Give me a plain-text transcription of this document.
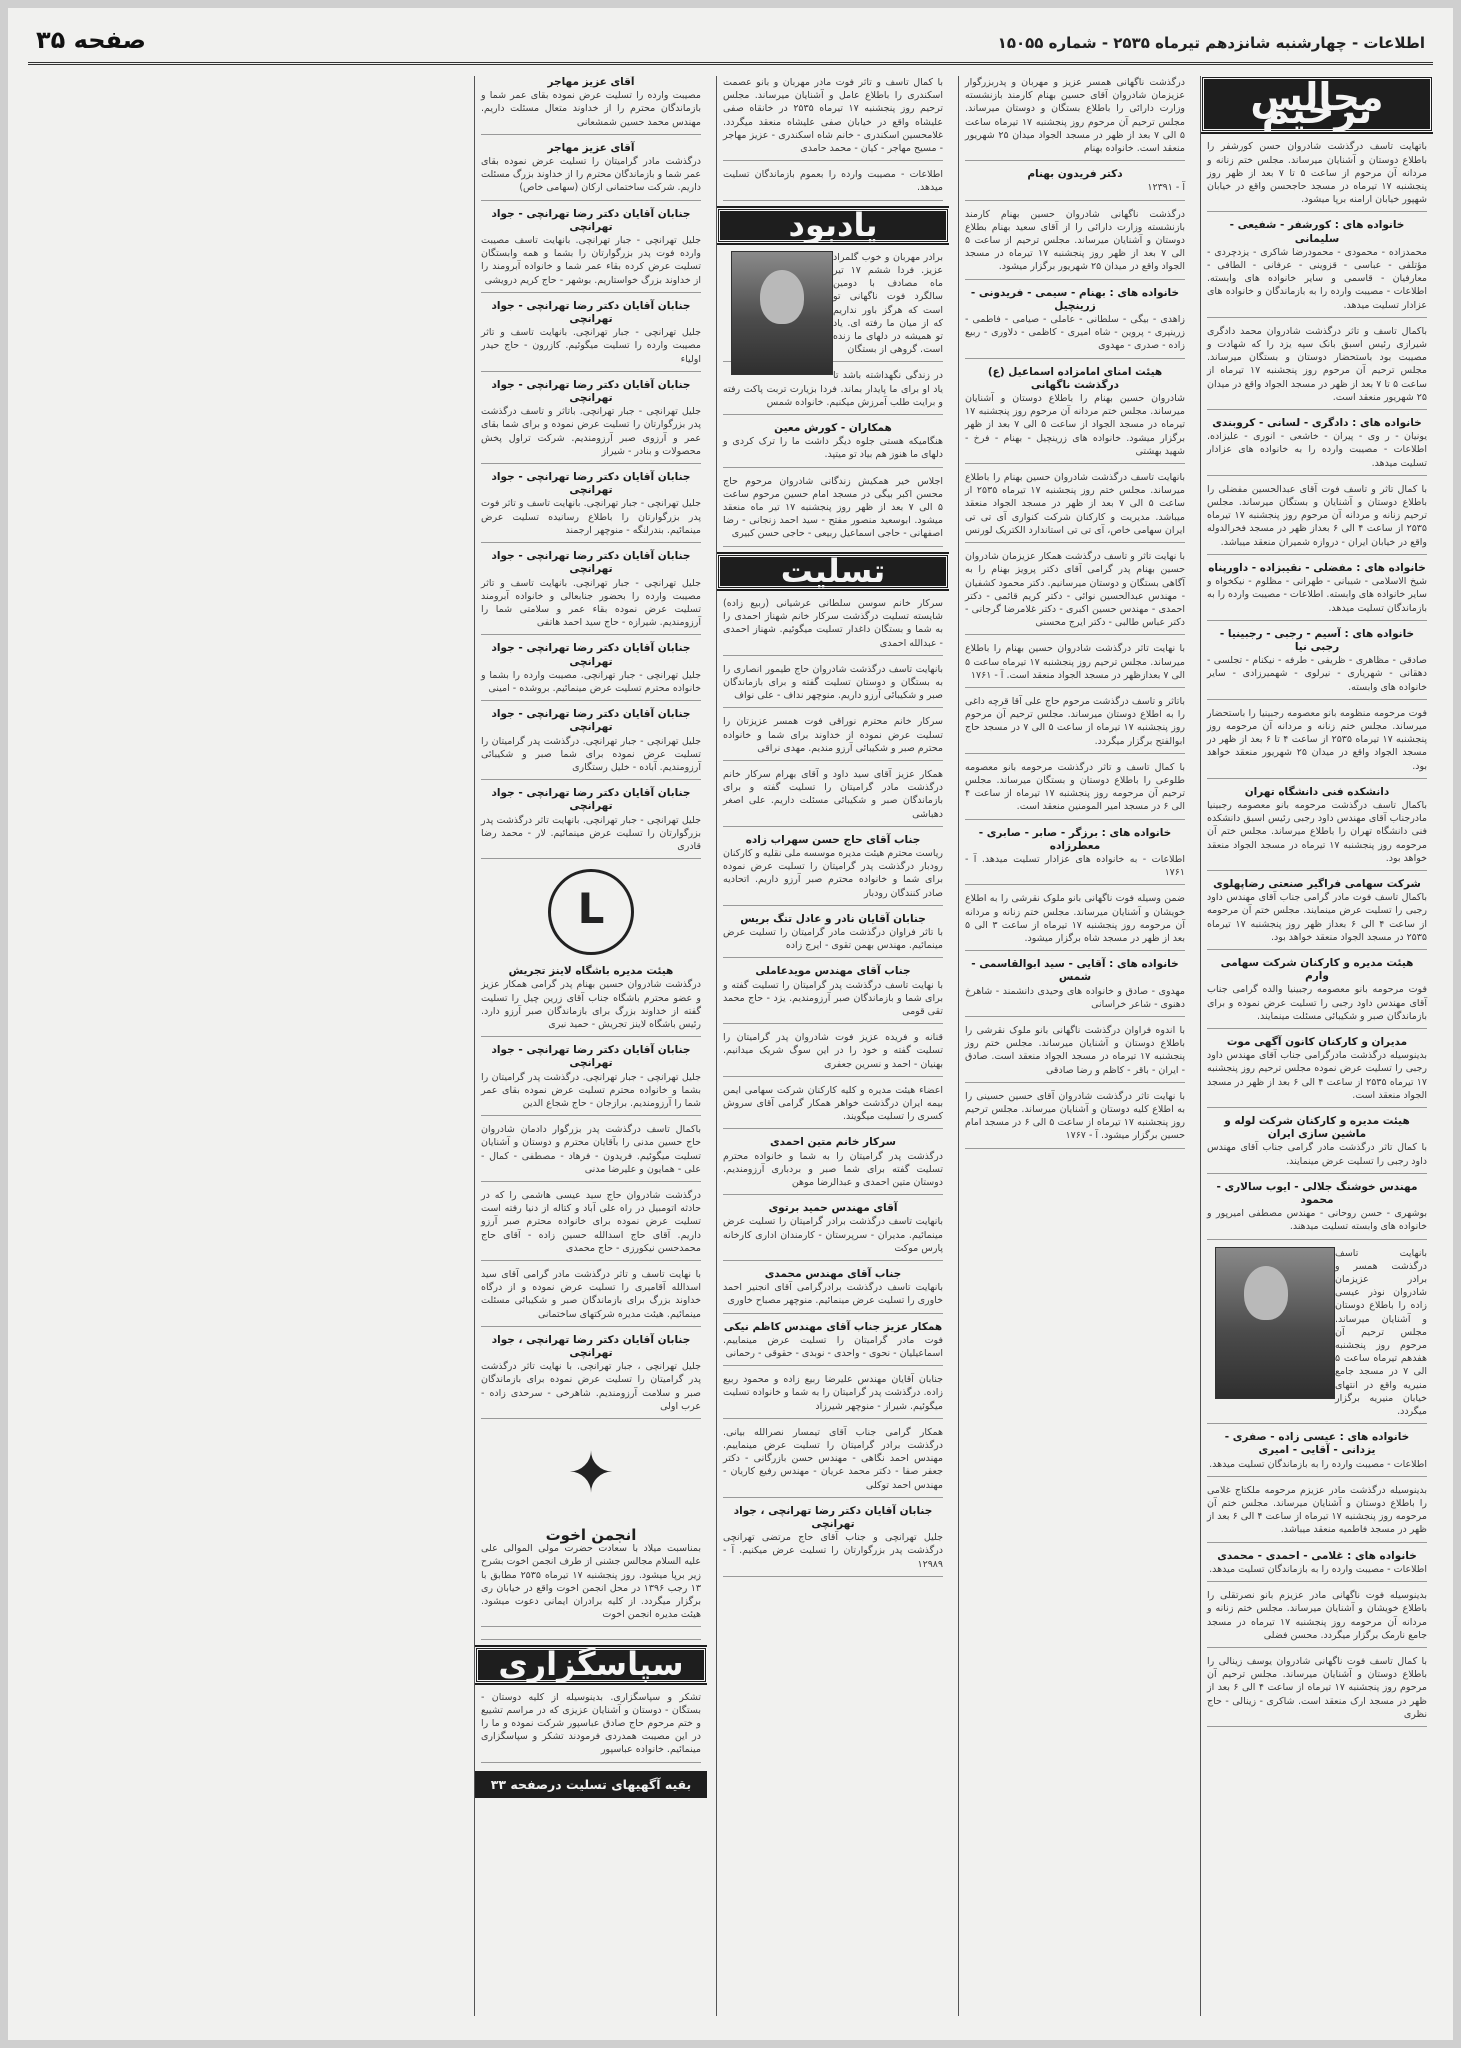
اطلاعات - چهارشنبه شانزدهم تیرماه ۲۵۳۵ - شماره ۱۵۰۵۵
صفحه ۳۵
مجالس ترحیم
باتهایت تاسف درگذشت شادروان حسن کورشفر را باطلاع دوستان و آشنایان میرساند. مجلس ختم زنانه و مردانه آن مرحوم از ساعت ۵ تا ۷ بعد از ظهر روز پنجشنبه ۱۷ تیرماه در مسجد حاجحسن واقع در خیابان شهپور خیابان ارامنه برپا میشود.
خانواده های : کورشفر - شفیعی - سلیمانی
محمدزاده - محمودی - محمودرضا شاکری - یزدچردی - مؤتلفی - عباسی - قزوینی - عرفانی - الطافی - معارفیان - قاسمی و سایر خانواده های وابسته. اطلاعات - مصیبت وارده را به بازماندگان و خانواده های عزادار تسلیت میدهد.
باکمال تاسف و تاثر درگذشت شادروان محمد دادگری شیرازی رئیس اسبق بانک سپه یزد را که شهادت و مصیبت بود باستحضار دوستان و بستگان میرساند. مجلس ترحیم آن مرحوم روز پنجشنبه ۱۷ تیرماه از ساعت ۵ تا ۷ بعد از ظهر در مسجد الجواد واقع در میدان ۲۵ شهریور منعقد است.
خانواده های : دادگری - لسانی - کروبندی
یونیان - ر وی - پیران - خاشعی - انوری - علیزاده. اطلاعات - مصیبت وارده را به خانواده های عزادار تسلیت میدهد.
با کمال تاثر و تاسف فوت آقای عبدالحسین مفضلی را باطلاع دوستان و آشنایان و بستگان میرساند. مجلس ترحیم زنانه و مردانه آن مرحوم روز پنجشنبه ۱۷ تیرماه ۲۵۳۵ از ساعت ۴ الی ۶ بعداز ظهر در مسجد فخرالدوله واقع در خیابان ایران - دروازه شمیران منعقد میباشد.
خانواده های : مفضلی - نقیبزاده - داورپناه
شیخ الاسلامی - شیبانی - طهرانی - مظلوم - نیکخواه و سایر خانواده های وابسته. اطلاعات - مصیبت وارده را به بازماندگان تسلیت میدهد.
خانواده های : آسیم - رجبی - رجبینیا - رجبی نیا
صادقی - مظاهری - ظریفی - طرفه - نیکنام - تجلسی - دهقانی - شهریاری - نیرلوی - شهمیرزادی - سایر خانواده های وابسته.
فوت مرحومه منظومه بانو معصومه رجبینیا را باستحضار میرساند. مجلس ختم زنانه و مردانه آن مرحومه روز پنجشنبه ۱۷ تیرماه ۲۵۳۵ از ساعت ۴ تا ۶ بعد از ظهر در مسجد الجواد واقع در میدان ۲۵ شهریور منعقد خواهد بود.
دانشکده فنی دانشگاه تهران
باکمال تاسف درگذشت مرحومه بانو معصومه رجبینیا مادرجناب آقای مهندس داود رجبی رئیس اسبق دانشکده فنی دانشگاه تهران را باطلاع میرساند. مجلس ختم آن مرحومه روز پنجشنبه ۱۷ تیرماه در مسجد الجواد منعقد خواهد بود.
شرکت سهامی فراگیر صنعتی رضاپهلوی
باکمال تاسف فوت مادر گرامی جناب آقای مهندس داود رجبی را تسلیت عرض مینمایند. مجلس ختم آن مرحومه از ساعت ۴ الی ۶ بعداز ظهر روز پنجشنبه ۱۷ تیرماه ۲۵۳۵ در مسجد الجواد منعقد خواهد بود.
هیئت مدیره و کارکنان شرکت سهامی وارم
فوت مرحومه بانو معصومه رجبینیا والده گرامی جناب آقای مهندس داود رجبی را تسلیت عرض نموده و برای بازماندگان صبر و شکیبائی مسئلت مینمایند.
مدیران و کارکنان کانون آگهی موت
بدینوسیله درگذشت مادرگرامی جناب آقای مهندس داود رجبی را تسلیت عرض نموده مجلس ترحیم روز پنجشنبه ۱۷ تیرماه ۲۵۳۵ از ساعت ۴ الی ۶ بعد از ظهر در مسجد الجواد منعقد است.
هیئت مدیره و کارکنان شرکت لوله و ماشین سازی ایران
با کمال تاثر درگذشت مادر گرامی جناب آقای مهندس داود رجبی را تسلیت عرض مینمایند.
مهندس خوشنگ جلالی - ایوب سالاری - محمود
بوشهری - حسن روحانی - مهندس مصطفی امیرپور و خانواده های وابسته تسلیت میدهند.
بانهایت تاسف درگذشت همسر و برادر عزیزمان شادروان نوذر عیسی زاده را باطلاع دوستان و آشنایان میرساند. مجلس ترحیم آن مرحوم روز پنجشنبه هفدهم تیرماه ساعت ۵ الی ۷ در مسجد جامع منیریه واقع در انتهای خیابان منیریه برگزار میگردد.
خانواده های : عیسی زاده - صفری - یزدانی - آقایی - امیری
اطلاعات - مصیبت وارده را به بازماندگان تسلیت میدهد.
بدینوسیله درگذشت مادر عزیزم مرحومه ملکتاج غلامی را باطلاع دوستان و آشنایان میرساند. مجلس ختم آن مرحومه روز پنجشنبه ۱۷ تیرماه از ساعت ۴ الی ۶ بعد از ظهر در مسجد فاطمیه منعقد میباشد.
خانواده های : غلامی - احمدی - محمدی
اطلاعات - مصیبت وارده را به بازماندگان تسلیت میدهد.
بدینوسیله فوت ناگهانی مادر عزیزم بانو نصرتقلی را باطلاع خویشان و آشنایان میرساند. مجلس ختم زنانه و مردانه آن مرحومه روز پنجشنبه ۱۷ تیرماه در مسجد جامع نارمک برگزار میگردد. محسن فضلی
با کمال تاسف فوت ناگهانی شادروان یوسف زینالی را باطلاع دوستان و آشنایان میرساند. مجلس ترحیم آن مرحوم روز پنجشنبه ۱۷ تیرماه از ساعت ۴ الی ۶ بعد از ظهر در مسجد ارک منعقد است. شاکری - زینالی - حاج نظری
درگذشت ناگهانی همسر عزیز و مهربان و پدربزرگوار عزیزمان شادروان آقای حسین بهنام کارمند بازنشسته وزارت دارائی را باطلاع بستگان و دوستان میرساند. مجلس ترحیم آن مرحوم روز پنجشنبه ۱۷ تیرماه ساعت ۵ الی ۷ بعد از ظهر در مسجد الجواد میدان ۲۵ شهریور منعقد است. خانواده بهنام
دکتر فریدون بهنام
آ - ۱۲۳۹۱
درگذشت ناگهانی شادروان حسین بهنام کارمند بازنشسته وزارت دارائی را از آقای سعید بهنام بطلاع دوستان و آشنایان میرساند. مجلس ترحیم از ساعت ۵ الی ۷ بعد از ظهر روز پنجشنبه ۱۷ تیرماه در مسجد الجواد واقع در میدان ۲۵ شهریور برگزار میشود.
خانواده های : بهنام - سیمی - فریدونی - زرینچیل
زاهدی - بیگی - سلطانی - عاملی - صیامی - فاطمی - زرینپری - پروین - شاه امیری - کاظمی - دلاوری - ربیع زاده - صدری - مهدوی
هیئت امنای امامزاده اسماعیل (ع) درگذشت ناگهانی
شادروان حسین بهنام را باطلاع دوستان و آشنایان میرساند. مجلس ختم مردانه آن مرحوم روز پنجشنبه ۱۷ تیرماه در مسجد الجواد از ساعت ۵ الی ۷ بعد از ظهر برگزار میشود. خانواده های زرینچیل - بهنام - فرخ - شهید بهشتی
بانهایت تاسف درگذشت شادروان حسین بهنام را باطلاع میرساند. مجلس ختم روز پنجشنبه ۱۷ تیرماه ۲۵۳۵ از ساعت ۵ الی ۷ بعد از ظهر در مسجد الجواد منعقد میباشد. مدیریت و کارکنان شرکت کنواری آی تی تی ایران سهامی خاص، آی تی تی استاندارد الکتریک لورنس
با نهایت تاثر و تاسف درگذشت همکار عزیزمان شادروان حسین بهنام پدر گرامی آقای دکتر پرویز بهنام را به آگاهی بستگان و دوستان میرسانیم. دکتر محمود کشفیان - مهندس عبدالحسین نوائی - دکتر کریم قائمی - دکتر احمدی - مهندس حسین اکبری - دکتر غلامرضا گرجانی - دکتر عباس طالبی - دکتر ایرج محسنی
با نهایت تاثر درگذشت شادروان حسین بهنام را باطلاع میرساند. مجلس ترحیم روز پنجشنبه ۱۷ تیرماه ساعت ۵ الی ۷ بعدازظهر در مسجد الجواد منعقد است. آ - ۱۷۶۱
باتاثر و تاسف درگذشت مرحوم حاج علی آقا قرچه داغی را به اطلاع دوستان میرساند. مجلس ترحیم آن مرحوم روز پنجشنبه ۱۷ تیرماه از ساعت ۵ الی ۷ در مسجد حاج ابوالفتح برگزار میگردد.
با کمال تاسف و تاثر درگذشت مرحومه بانو معصومه طلوعی را باطلاع دوستان و بستگان میرساند. مجلس ترحیم آن مرحومه روز پنجشنبه ۱۷ تیرماه از ساعت ۴ الی ۶ در مسجد امیر المومنین منعقد است.
خانواده های : برزگر - صابر - صابری - معطرزاده
اطلاعات - به خانواده های عزادار تسلیت میدهد. آ - ۱۷۶۱
ضمن وسیله فوت ناگهانی بانو ملوک نقرشی را به اطلاع خویشان و آشنایان میرساند. مجلس ختم زنانه و مردانه آن مرحومه روز پنجشنبه ۱۷ تیرماه از ساعت ۳ الی ۵ بعد از ظهر در مسجد شاه برگزار میشود.
خانواده های : آقایی - سید ابوالقاسمی - شمس
مهدوی - صادق و خانواده های وحیدی دانشمند - شاهرخ دهنوی - شاعر خراسانی
با اندوه فراوان درگذشت ناگهانی بانو ملوک نقرشی را باطلاع دوستان و آشنایان میرساند. مجلس ختم روز پنجشنبه ۱۷ تیرماه در مسجد الجواد منعقد است. صادق - ایران - باقر - کاظم و رضا صادقی
با نهایت تاثر درگذشت شادروان آقای حسین حسینی را به اطلاع کلیه دوستان و آشنایان میرساند. مجلس ترحیم روز پنجشنبه ۱۷ تیرماه از ساعت ۵ الی ۶ در مسجد امام حسین برگزار میشود. آ - ۱۷۶۷
با کمال تاسف و تاثر فوت مادر مهربان و بانو عصمت اسکندری را باطلاع عامل و آشنایان میرساند. مجلس ترحیم روز پنجشنبه ۱۷ تیرماه ۲۵۳۵ در خانقاه صفی علیشاه واقع در خیابان صفی علیشاه منعقد میگردد. غلامحسین اسکندری - خانم شاه اسکندری - عزیز مهاجر - مسیح مهاجر - کیان - محمد حامدی
اطلاعات - مصیبت وارده را بعموم بازماندگان تسلیت میدهد.
یادبود
برادر مهربان و خوب گلمراد عزیز. فردا ششم ۱۷ تیر ماه مصادف با دومین سالگرد فوت ناگهانی تو است که هرگز باور نداریم که از میان ما رفته ای. یاد تو همیشه در دلهای ما زنده است. گروهی از بستگان
در زندگی نگهداشته باشد تا یاد او برای ما پایدار بماند. فردا بزیارت تربت پاکت رفته و برایت طلب آمرزش میکنیم. خانواده شمس
همکاران - کورش معین
هنگامیکه هستی جلوه دیگر داشت ما را ترک کردی و دلهای ما هنوز هم بیاد تو میتپد.
اجلاس خیر همکیش زندگانی شادروان مرحوم حاج محسن اکبر بیگی در مسجد امام حسین مرحوم ساعت ۵ الی ۷ بعد از ظهر روز پنجشنبه ۱۷ تیر ماه منعقد میشود. ابوسعید منصور مفتح - سید احمد زنجانی - رضا اصفهانی - حاجی اسماعیل ربیعی - حاجی حسن کبیری
تسلیت
سرکار خانم سوسن سلطانی عرشیانی (ربیع زاده) شایسته تسلیت درگذشت سرکار خانم شهناز احمدی را به شما و بستگان داغدار تسلیت میگوئیم. شهناز احمدی - عبدالله احمدی
بانهایت تاسف درگذشت شادروان حاج طیمور انصاری را به بستگان و دوستان تسلیت گفته و برای بازماندگان صبر و شکیبائی آرزو داریم. منوچهر نداف - علی نواف
سرکار خانم محترم نوراقی فوت همسر عزیزتان را تسلیت عرض نموده از خداوند برای شما و خانواده محترم صبر و شکیبائی آرزو مندیم. مهدی نراقی
همکار عزیز آقای سید داود و آقای بهرام سرکار خانم درگذشت مادر گرامیتان را تسلیت گفته و برای بازماندگان صبر و شکیبائی مسئلت داریم. علی اصغر دهباشی
جناب آقای حاج حسن سهراب زاده
ریاست محترم هیئت مدیره موسسه ملی نقلیه و کارکنان رودبار درگذشت پدر گرامیتان را تسلیت عرض نموده برای شما و خانواده محترم صبر آرزو داریم. اتحادیه صادر کنندگان رودبار
جنابان آقایان نادر و عادل تنگ بریس
با تاثر فراوان درگذشت مادر گرامیتان را تسلیت عرض مینمائیم. مهندس بهمن تقوی - ایرج زاده
جناب آقای مهندس مویدعاملی
با نهایت تاسف درگذشت پدر گرامیتان را تسلیت گفته و برای شما و بازماندگان صبر آرزومندیم. یزد - حاج محمد تقی قومی
قنانه و فریده عزیز فوت شادروان پدر گرامیتان را تسلیت گفته و خود را در این سوگ شریک میدانیم. بهنیان - احمد و نسرین جعفری
اعضاء هیئت مدیره و کلیه کارکنان شرکت سهامی ایمن بیمه ایران درگذشت خواهر همکار گرامی آقای سروش کسری را تسلیت میگویند.
سرکار خانم متین احمدی
درگذشت پدر گرامیتان را به شما و خانواده محترم تسلیت گفته برای شما صبر و بردباری آرزومندیم. دوستان متین احمدی و عبدالرضا موهن
آقای مهندس حمید برتوی
بانهایت تاسف درگذشت برادر گرامیتان را تسلیت عرض مینمائیم. مدیران - سرپرستان - کارمندان اداری کارخانه پارس موکت
جناب آقای مهندس محمدی
بانهایت تاسف درگذشت برادرگرامی آقای انجنیر احمد خاوری را تسلیت عرض مینمائیم. منوچهر مصباح خاوری
همکار عزیز جناب آقای مهندس کاظم نیکی
فوت مادر گرامیتان را تسلیت عرض مینماییم. اسماعیلیان - نحوی - واحدی - نوبدی - حقوقی - رحمانی
جنابان آقایان مهندس علیرضا ربیع زاده و محمود ربیع زاده. درگذشت پدر گرامیتان را به شما و خانواده تسلیت میگوئیم. شیراز - منوچهر شیرزاد
همکار گرامی جناب آقای تیمسار نصرالله بیانی. درگذشت برادر گرامیتان را تسلیت عرض مینماییم. مهندس احمد نگاهی - مهندس حسن بازرگانی - دکتر جعفر صفا - دکتر محمد عریان - مهندس رفیع کاریان - مهندس احمد توکلی
جنابان آقایان دکتر رضا تهرانچی ، جواد تهرانچی
جلیل تهرانچی و جناب آقای حاج مرتضی تهرانچی درگذشت پدر بزرگوارتان را تسلیت عرض میکنیم. آ - ۱۲۹۸۹
آقای عزیز مهاجر
مصیبت وارده را تسلیت عرض نموده بقای عمر شما و بازماندگان محترم را از خداوند متعال مسئلت داریم. مهندس محمد حسین شمشعانی
آقای عزیز مهاجر
درگذشت مادر گرامیتان را تسلیت عرض نموده بقای عمر شما و بازماندگان محترم را از خداوند بزرگ مسئلت داریم. شرکت ساختمانی ارکان (سهامی خاص)
جنابان آقایان دکتر رضا تهرانچی - جواد تهرانچی
جلیل تهرانچی - جبار تهرانچی. بانهایت تاسف مصیبت وارده فوت پدر بزرگوارتان را بشما و همه وابستگان تسلیت عرض کرده بقاء عمر شما و خانواده آبرومند را از خداوند بزرگ خواستاریم. بوشهر - حاج کریم درویشی
جنابان آقایان دکتر رضا تهرانچی - جواد تهرانچی
جلیل تهرانچی - جبار تهرانچی. بانهایت تاسف و تاثر مصیبت وارده را تسلیت میگوئیم. کازرون - حاج حیدر اولیاء
جنابان آقایان دکتر رضا تهرانچی - جواد تهرانچی
جلیل تهرانچی - جبار تهرانچی. باتاثر و تاسف درگذشت پدر بزرگوارتان را تسلیت عرض نموده و برای شما بقای عمر و آرزوی صبر آرزومندیم. شرکت تراول پخش محصولات و بنادر - شیراز
جنابان آقایان دکتر رضا تهرانچی - جواد تهرانچی
جلیل تهرانچی - جبار تهرانچی. بانهایت تاسف و تاثر فوت پدر بزرگوارتان را باطلاع رسانیده تسلیت عرض مینمائیم. بندرلنگه - منوچهر ارجمند
جنابان آقایان دکتر رضا تهرانچی - جواد تهرانچی
جلیل تهرانچی - جبار تهرانچی. بانهایت تاسف و تاثر مصیبت وارده را بحضور جنابعالی و خانواده آبرومند تسلیت عرض نموده بقاء عمر و سلامتی شما را آرزومندیم. شیرازه - حاج سید احمد هاتفی
جنابان آقایان دکتر رضا تهرانچی - جواد تهرانچی
جلیل تهرانچی - جبار تهرانچی. مصیبت وارده را بشما و خانواده محترم تسلیت عرض مینمائیم. بروشده - امینی
جنابان آقایان دکتر رضا تهرانچی - جواد تهرانچی
جلیل تهرانچی - جبار تهرانچی. درگذشت پدر گرامیتان را تسلیت عرض نموده برای شما صبر و شکیبائی آرزومندیم. آباده - خلیل رستگاری
جنابان آقایان دکتر رضا تهرانچی - جواد تهرانچی
جلیل تهرانچی - جبار تهرانچی. بانهایت تاثر درگذشت پدر بزرگوارتان را تسلیت عرض مینمائیم. لار - محمد رضا قادری
L
هیئت مدیره باشگاه لاینز تجریش
درگذشت شادروان حسین بهنام پدر گرامی همکار عزیز و عضو محترم باشگاه جناب آقای زرین چیل را تسلیت گفته از خداوند بزرگ برای بازماندگان صبر آرزو دارد. رئیس باشگاه لاینز تجریش - حمید نیری
جنابان آقایان دکتر رضا تهرانچی - جواد تهرانچی
جلیل تهرانچی - جبار تهرانچی. درگذشت پدر گرامیتان را بشما و خانواده محترم تسلیت عرض نموده بقای عمر شما را آرزومندیم. برازجان - حاج شجاع الدین
باکمال تاسف درگذشت پدر بزرگوار دادمان شادروان حاج حسین مدنی را بآقایان محترم و دوستان و آشنایان تسلیت میگوئیم. فریدون - فرهاد - مصطفی - کمال - علی - همایون و علیرضا مدنی
درگذشت شادروان حاج سید عیسی هاشمی را که در حادثه اتومبیل در راه علی آباد و کتاله از دنیا رفته است تسلیت عرض نموده برای خانواده محترم صبر آرزو داریم. آقای حاج اسدالله حسین زاده - آقای حاج محمدحسن نیکورزی - حاج محمدی
با نهایت تاسف و تاثر درگذشت مادر گرامی آقای سید اسدالله آقامیری را تسلیت عرض نموده و از درگاه خداوند بزرگ برای بازماندگان صبر و شکیبائی مسئلت مینمائیم. هیئت مدیره شرکتهای ساختمانی
جنابان آقایان دکتر رضا تهرانچی ، جواد تهرانچی
جلیل تهرانچی ، جبار تهرانچی. با نهایت تاثر درگذشت پدر گرامیتان را تسلیت عرض نموده برای بازماندگان صبر و سلامت آرزومندیم. شاهرخی - سرحدی زاده - عرب اولی
✦
انجمن اخوت
بمناسبت میلاد با سعادت حضرت مولی الموالی علی علیه السلام مجالس جشنی از طرف انجمن اخوت بشرح زیر برپا میشود. روز پنجشنبه ۱۷ تیرماه ۲۵۳۵ مطابق با ۱۳ رجب ۱۳۹۶ در محل انجمن اخوت واقع در خیابان ری برگزار میگردد. از کلیه برادران ایمانی دعوت میشود. هیئت مدیره انجمن اخوت
سپاسگزاری
تشکر و سپاسگزاری. بدینوسیله از کلیه دوستان - بستگان - دوستان و آشنایان عزیزی که در مراسم تشییع و ختم مرحوم حاج صادق عباسپور شرکت نموده و ما را در این مصیبت همدردی فرمودند تشکر و سپاسگزاری مینمائیم. خانواده عباسپور
بقیه آگهیهای تسلیت درصفحه ۳۳
